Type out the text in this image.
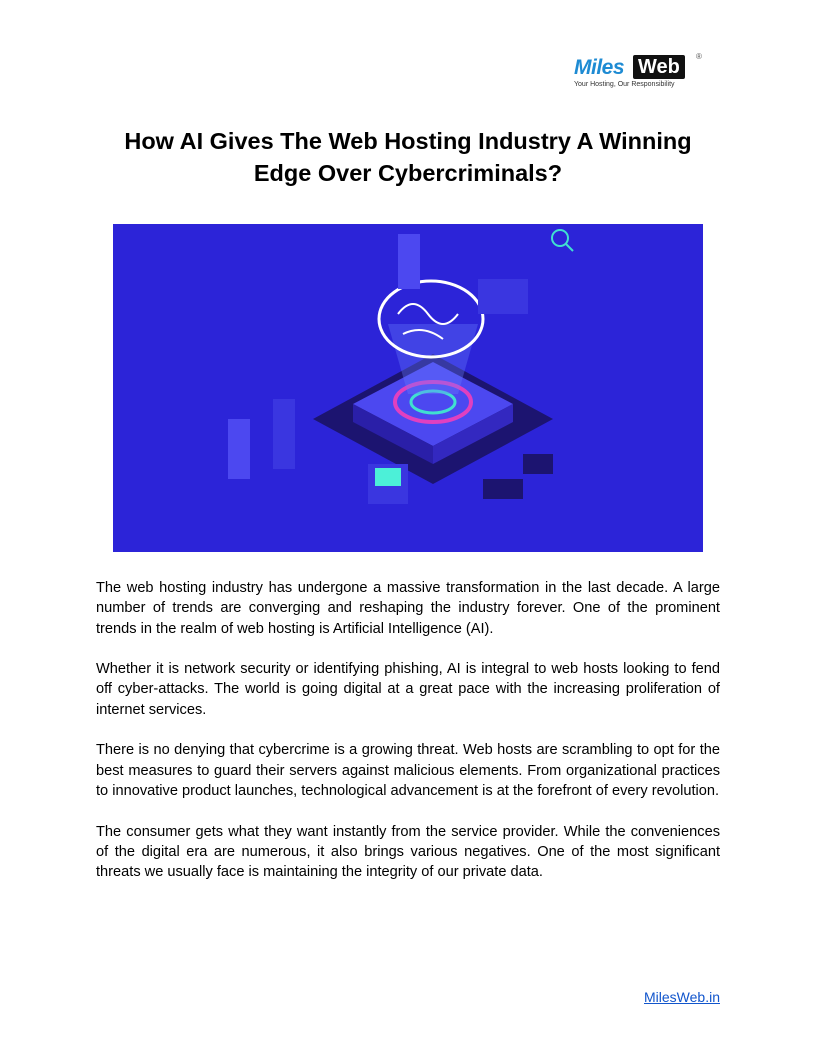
Miles Web	®
Your Hosting, Our Responsibility
How AI Gives The Web Hosting Industry A Winning Edge Over Cybercriminals?

The web hosting industry has undergone a massive transformation in the last decade. A large number of trends are converging and reshaping the industry forever. One of the prominent trends in the realm of web hosting is Artificial Intelligence (AI).

Whether it is network security or identifying phishing, AI is integral to web hosts looking to fend off cyber-attacks. The world is going digital at a great pace with the increasing proliferation of internet services.

There is no denying that cybercrime is a growing threat. Web hosts are scrambling to opt for the best measures to guard their servers against malicious elements. From organizational practices to innovative product launches, technological advancement is at the forefront of every revolution.

The consumer gets what they want instantly from the service provider. While the conveniences of the digital era are numerous, it also brings various negatives. One of the most significant threats we usually face is maintaining the integrity of our private data.

MilesWeb.in
